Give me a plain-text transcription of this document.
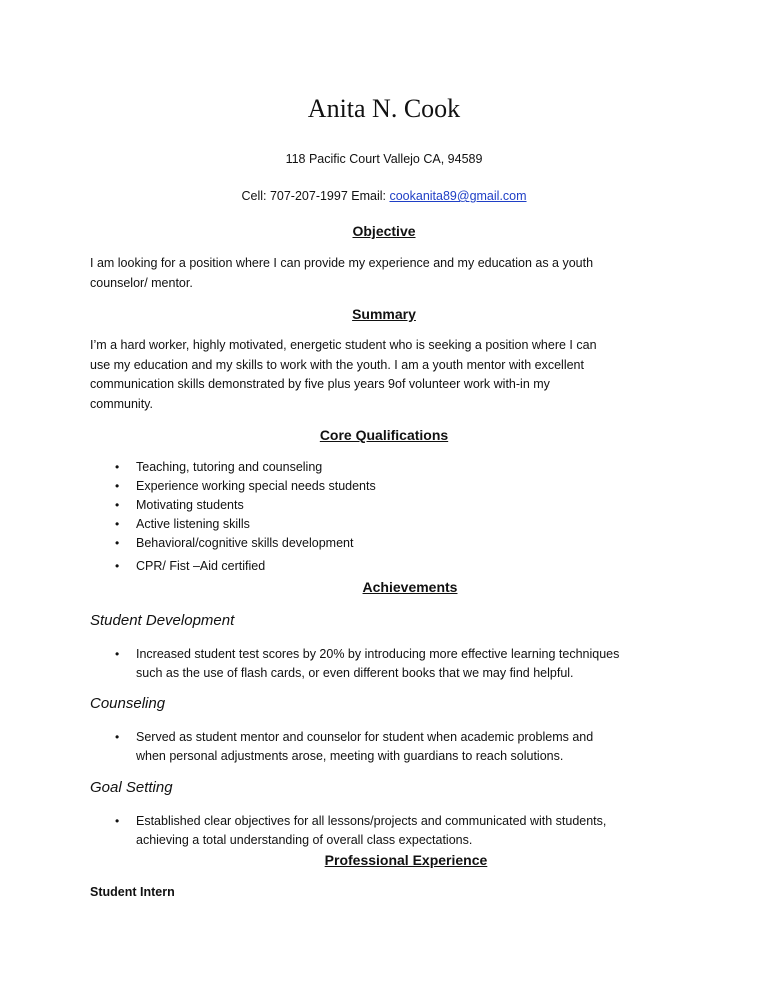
Anita N. Cook
118 Pacific Court Vallejo CA, 94589
Cell: 707-207-1997 Email: cookanita89@gmail.com
Objective
I am looking for a position where I can provide my experience and my education as a youth
counselor/ mentor.
Summary
I’m a hard worker, highly motivated, energetic student who is seeking a position where I can
use my education and my skills to work with the youth. I am a youth mentor with excellent
communication skills demonstrated by five plus years 9of volunteer work with-in my
community.
Core Qualifications
• Teaching, tutoring and counseling
• Experience working special needs students
• Motivating students
• Active listening skills
• Behavioral/cognitive skills development
• CPR/ Fist –Aid certified
Achievements
Student Development
• Increased student test scores by 20% by introducing more effective learning techniques
such as the use of flash cards, or even different books that we may find helpful.
Counseling
• Served as student mentor and counselor for student when academic problems and
when personal adjustments arose, meeting with guardians to reach solutions.
Goal Setting
• Established clear objectives for all lessons/projects and communicated with students,
achieving a total understanding of overall class expectations.
Professional Experience
Student Intern
